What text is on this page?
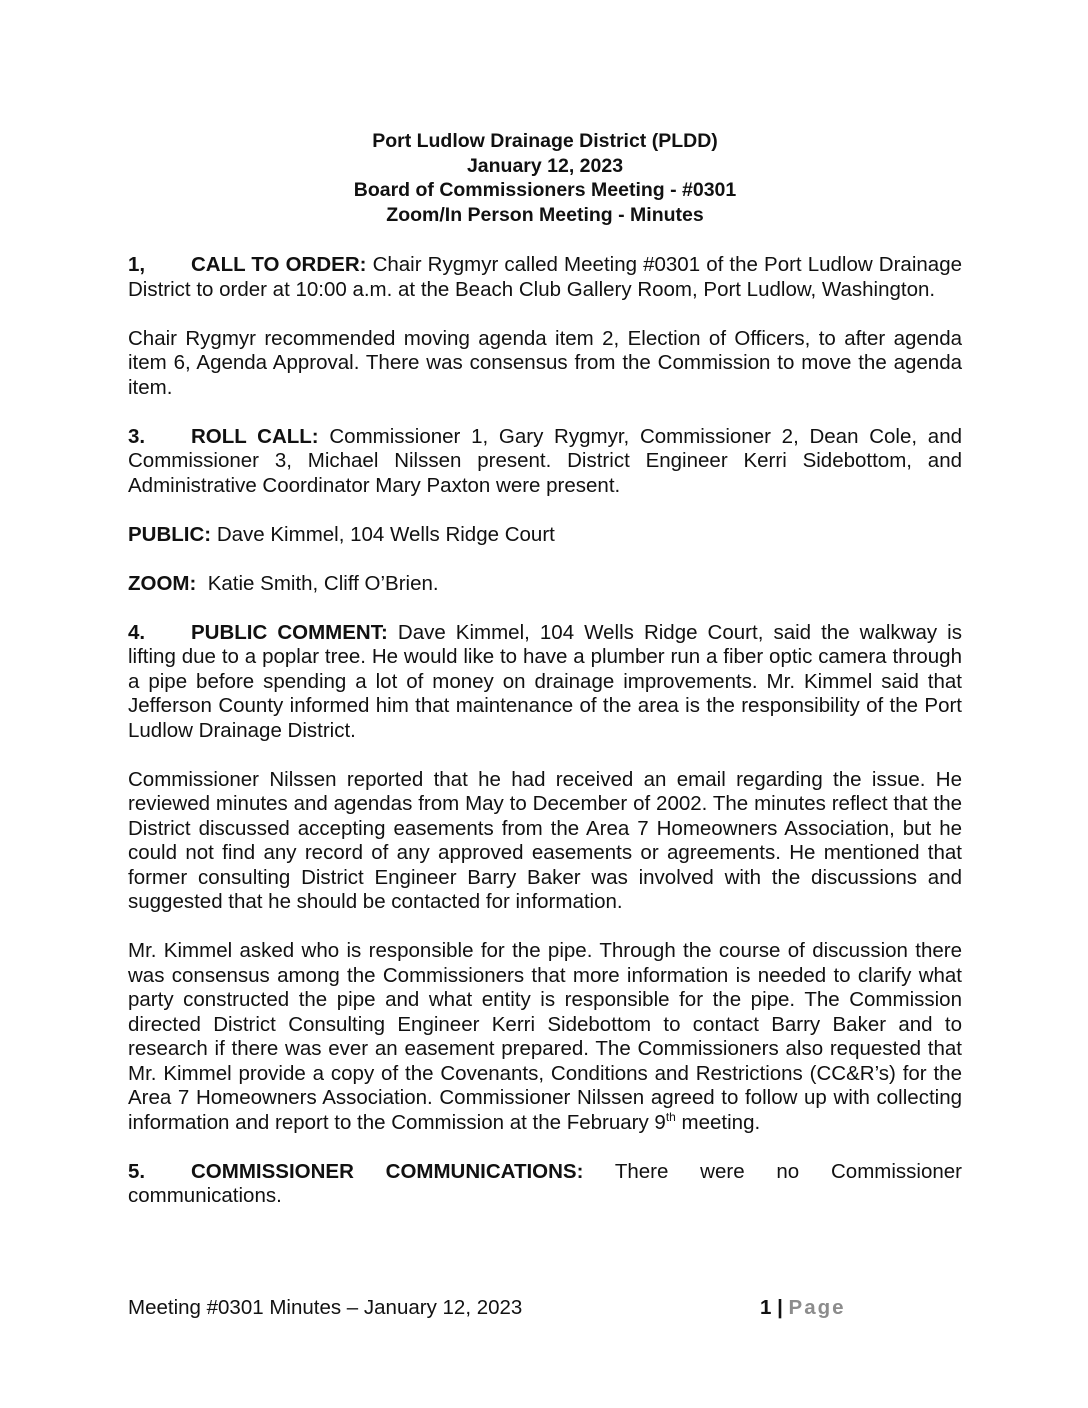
Port Ludlow Drainage District (PLDD)
January 12, 2023
Board of Commissioners Meeting - #0301
Zoom/In Person Meeting - Minutes

1, CALL TO ORDER: Chair Rygmyr called Meeting #0301 of the Port Ludlow Drainage District to order at 10:00 a.m. at the Beach Club Gallery Room, Port Ludlow, Washington.

Chair Rygmyr recommended moving agenda item 2, Election of Officers, to after agenda item 6, Agenda Approval. There was consensus from the Commission to move the agenda item.

3. ROLL CALL: Commissioner 1, Gary Rygmyr, Commissioner 2, Dean Cole, and Commissioner 3, Michael Nilssen present. District Engineer Kerri Sidebottom, and Administrative Coordinator Mary Paxton were present.

PUBLIC: Dave Kimmel, 104 Wells Ridge Court

ZOOM:  Katie Smith, Cliff O’Brien.

4. PUBLIC COMMENT: Dave Kimmel, 104 Wells Ridge Court, said the walkway is lifting due to a poplar tree. He would like to have a plumber run a fiber optic camera through a pipe before spending a lot of money on drainage improvements. Mr. Kimmel said that Jefferson County informed him that maintenance of the area is the responsibility of the Port Ludlow Drainage District.

Commissioner Nilssen reported that he had received an email regarding the issue. He reviewed minutes and agendas from May to December of 2002. The minutes reflect that the District discussed accepting easements from the Area 7 Homeowners Association, but he could not find any record of any approved easements or agreements. He mentioned that former consulting District Engineer Barry Baker was involved with the discussions and suggested that he should be contacted for information.

Mr. Kimmel asked who is responsible for the pipe. Through the course of discussion there was consensus among the Commissioners that more information is needed to clarify what party constructed the pipe and what entity is responsible for the pipe. The Commission directed District Consulting Engineer Kerri Sidebottom to contact Barry Baker and to research if there was ever an easement prepared. The Commissioners also requested that Mr. Kimmel provide a copy of the Covenants, Conditions and Restrictions (CC&R’s) for the Area 7 Homeowners Association. Commissioner Nilssen agreed to follow up with collecting information and report to the Commission at the February 9th meeting.

5. COMMISSIONER COMMUNICATIONS: There were no Commissioner communications.

Meeting #0301 Minutes – January 12, 2023	1 | Page
